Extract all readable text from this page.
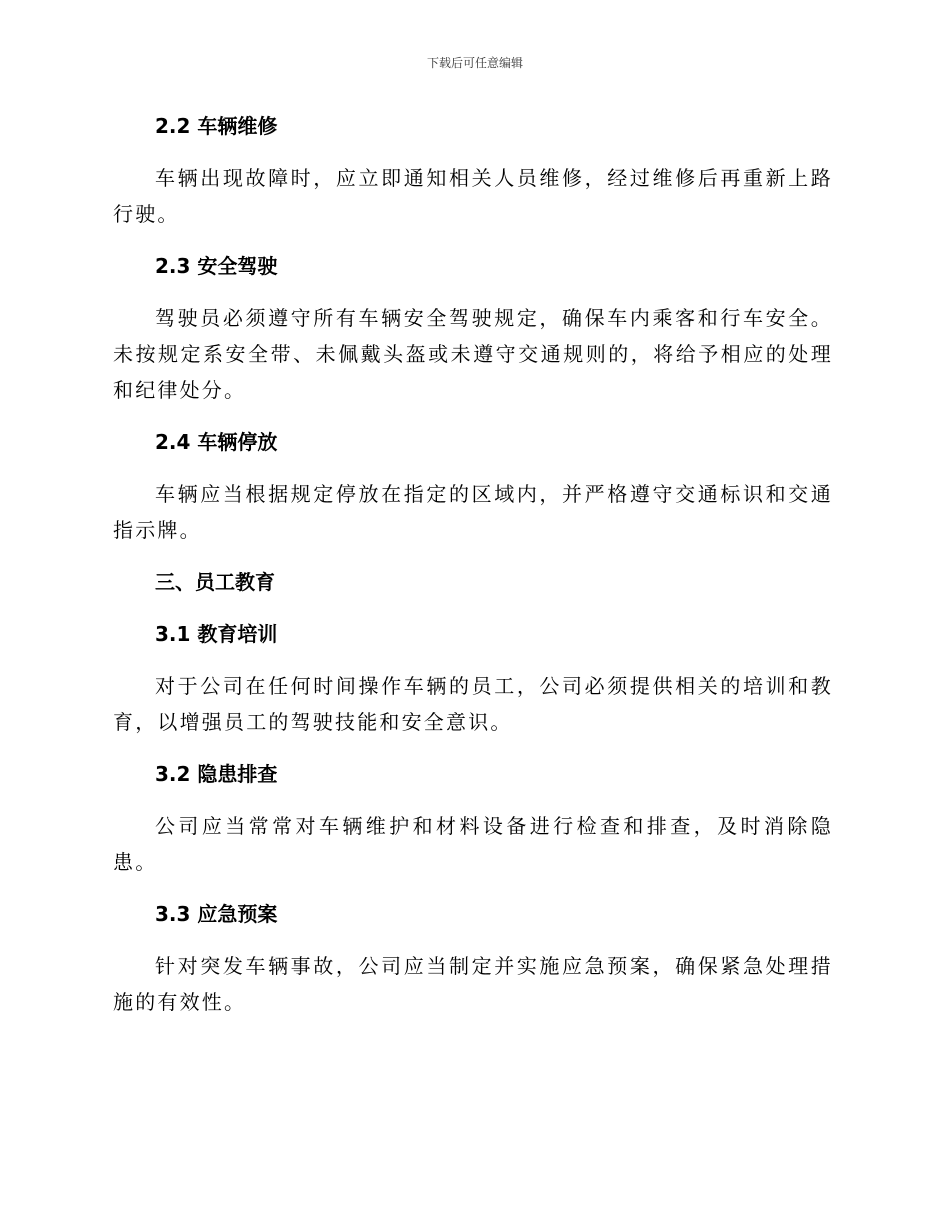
下载后可任意编辑
2.2 车辆维修

车辆出现故障时，应立即通知相关人员维修，经过维修后再重新上路行驶。

2.3 安全驾驶

驾驶员必须遵守所有车辆安全驾驶规定，确保车内乘客和行车安全。未按规定系安全带、未佩戴头盔或未遵守交通规则的，将给予相应的处理和纪律处分。

2.4 车辆停放

车辆应当根据规定停放在指定的区域内，并严格遵守交通标识和交通指示牌。

三、员工教育
3.1 教育培训

对于公司在任何时间操作车辆的员工，公司必须提供相关的培训和教育，以增强员工的驾驶技能和安全意识。

3.2 隐患排查

公司应当常常对车辆维护和材料设备进行检查和排查，及时消除隐患。

3.3 应急预案

针对突发车辆事故，公司应当制定并实施应急预案，确保紧急处理措施的有效性。
